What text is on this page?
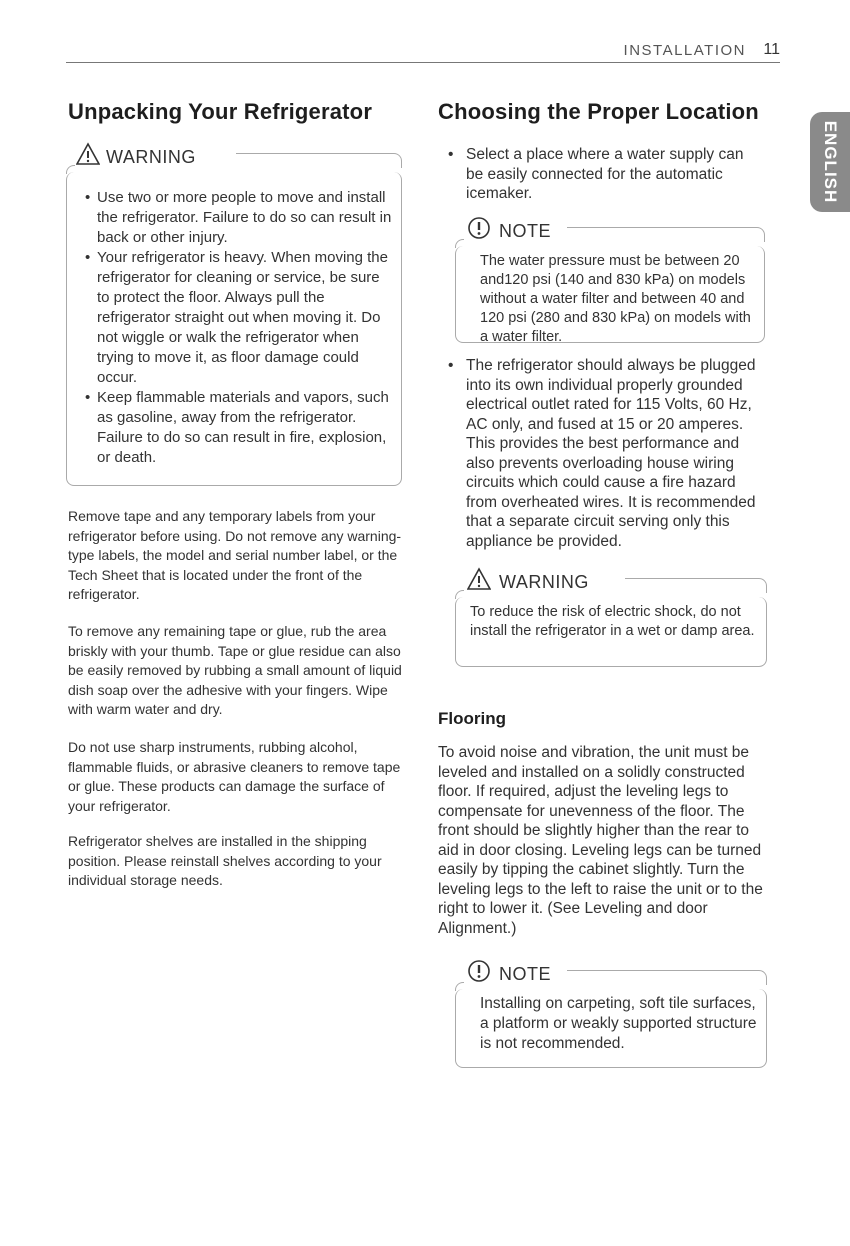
INSTALLATION 11
ENGLISH
Unpacking Your Refrigerator
WARNING
• Use two or more people to move and install the refrigerator. Failure to do so can result in back or other injury.
• Your refrigerator is heavy. When moving the refrigerator for cleaning or service, be sure to protect the floor. Always pull the refrigerator straight out when moving it. Do not wiggle or walk the refrigerator when trying to move it, as floor damage could occur.
• Keep flammable materials and vapors, such as gasoline, away from the refrigerator. Failure to do so can result in fire, explosion, or death.
Remove tape and any temporary labels from your refrigerator before using. Do not remove any warning-type labels, the model and serial number label, or the Tech Sheet that is located under the front of the refrigerator.
To remove any remaining tape or glue, rub the area briskly with your thumb. Tape or glue residue can also be easily removed by rubbing a small amount of liquid dish soap over the adhesive with your fingers. Wipe with warm water and dry.
Do not use sharp instruments, rubbing alcohol, flammable fluids, or abrasive cleaners to remove tape or glue. These products can damage the surface of your refrigerator.
Refrigerator shelves are installed in the shipping position. Please reinstall shelves according to your individual storage needs.
Choosing the Proper Location
• Select a place where a water supply can be easily connected for the automatic icemaker.
NOTE
The water pressure must be between 20 and120 psi (140 and 830 kPa) on models without a water filter and between 40 and 120 psi (280 and 830 kPa) on models with a water filter.
• The refrigerator should always be plugged into its own individual properly grounded electrical outlet rated for 115 Volts, 60 Hz, AC only, and fused at 15 or 20 amperes. This provides the best performance and also prevents overloading house wiring circuits which could cause a fire hazard from overheated wires. It is recommended that a separate circuit serving only this appliance be provided.
WARNING
To reduce the risk of electric shock, do not install the refrigerator in a wet or damp area.
Flooring
To avoid noise and vibration, the unit must be leveled and installed on a solidly constructed floor. If required, adjust the leveling legs to compensate for unevenness of the floor. The front should be slightly higher than the rear to aid in door closing. Leveling legs can be turned easily by tipping the cabinet slightly. Turn the leveling legs to the left to raise the unit or to the right to lower it. (See Leveling and door Alignment.)
NOTE
Installing on carpeting, soft tile surfaces, a platform or weakly supported structure is not recommended.
